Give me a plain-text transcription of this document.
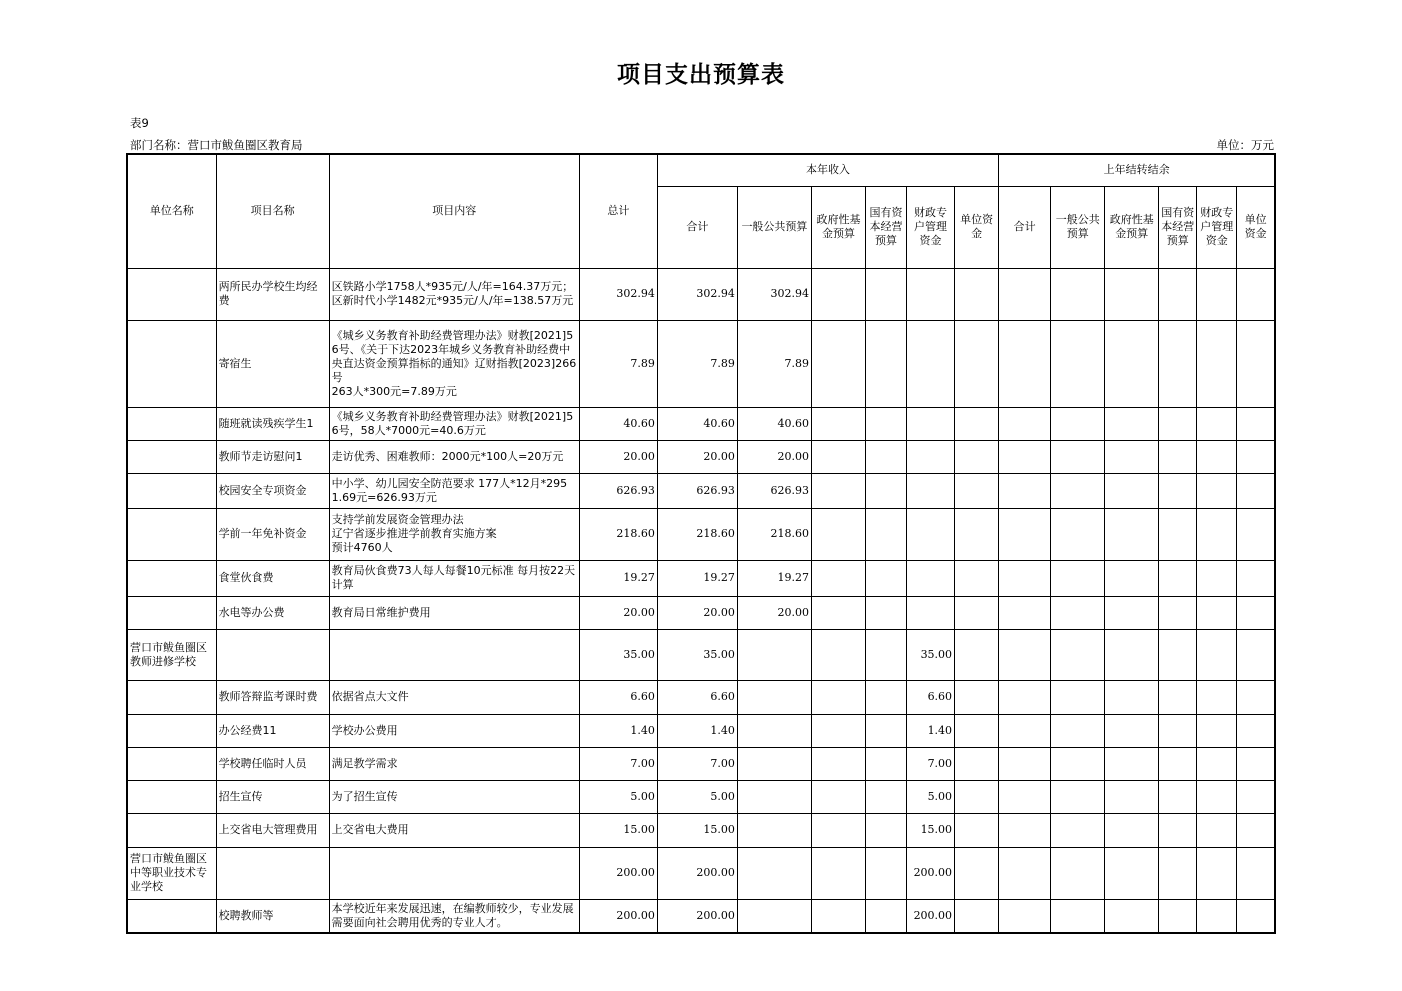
项目支出预算表
表9
部门名称：营口市鲅鱼圈区教育局	单位：万元
单位名称	项目名称	项目内容	总计	本年收入						上年结转结余					
				合计	一般公共预算	政府性基金预算	国有资本经营预算	财政专户管理资金	单位资金	合计	一般公共预算	政府性基金预算	国有资本经营预算	财政专户管理资金	单位资金
	两所民办学校生均经费	区铁路小学1758人*935元/人/年=164.37万元；区新时代小学1482元*935元/人/年=138.57万元	302.94	302.94	302.94										
	寄宿生	《城乡义务教育补助经费管理办法》财教[2021]56号、《关于下达2023年城乡义务教育补助经费中央直达资金预算指标的通知》辽财指教[2023]266号
263人*300元=7.89万元	7.89	7.89	7.89										
	随班就读残疾学生1	《城乡义务教育补助经费管理办法》财教[2021]56号，58人*7000元=40.6万元	40.60	40.60	40.60										
	教师节走访慰问1	走访优秀、困难教师：2000元*100人=20万元	20.00	20.00	20.00										
	校园安全专项资金	中小学、幼儿园安全防范要求 177人*12月*2951.69元=626.93万元	626.93	626.93	626.93										
	学前一年免补资金	支持学前发展资金管理办法
辽宁省逐步推进学前教育实施方案
预计4760人	218.60	218.60	218.60										
	食堂伙食费	教育局伙食费73人每人每餐10元标准 每月按22天计算	19.27	19.27	19.27										
	水电等办公费	教育局日常维护费用	20.00	20.00	20.00										
营口市鲅鱼圈区教师进修学校			35.00	35.00				35.00							
	教师答辩监考课时费	依据省点大文件	6.60	6.60				6.60							
	办公经费11	学校办公费用	1.40	1.40				1.40							
	学校聘任临时人员	满足教学需求	7.00	7.00				7.00							
	招生宣传	为了招生宣传	5.00	5.00				5.00							
	上交省电大管理费用	上交省电大费用	15.00	15.00				15.00							
营口市鲅鱼圈区中等职业技术专业学校			200.00	200.00				200.00							
	校聘教师等	本学校近年来发展迅速，在编教师较少，专业发展需要面向社会聘用优秀的专业人才。	200.00	200.00				200.00							
